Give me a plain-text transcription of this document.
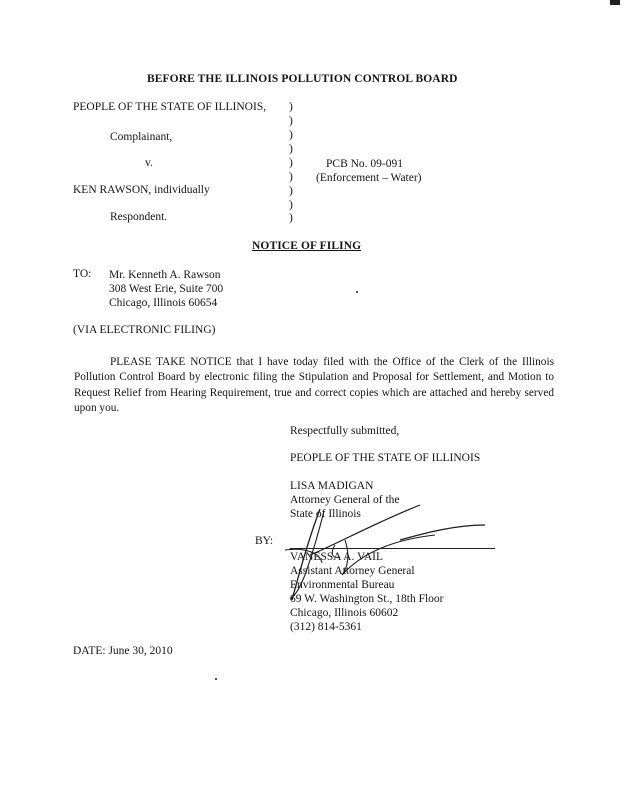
BEFORE THE ILLINOIS POLLUTION CONTROL BOARD
PEOPLE OF THE STATE OF ILLINOIS,
Complainant,
v.
KEN RAWSON, individually
Respondent.
)
)
)
)
)
)
)
)
)
PCB No. 09-091
(Enforcement – Water)
NOTICE OF FILING
TO: Mr. Kenneth A. Rawson
308 West Erie, Suite 700
Chicago, Illinois 60654
(VIA ELECTRONIC FILING)
PLEASE TAKE NOTICE that I have today filed with the Office of the Clerk of the Illinois Pollution Control Board by electronic filing the Stipulation and Proposal for Settlement, and Motion to Request Relief from Hearing Requirement, true and correct copies which are attached and hereby served upon you.
Respectfully submitted,
PEOPLE OF THE STATE OF ILLINOIS
LISA MADIGAN
Attorney General of the
State of Illinois
BY:
VANESSA A. VAIL
Assistant Attorney General
Environmental Bureau
69 W. Washington St., 18th Floor
Chicago, Illinois 60602
(312) 814-5361
DATE: June 30, 2010
